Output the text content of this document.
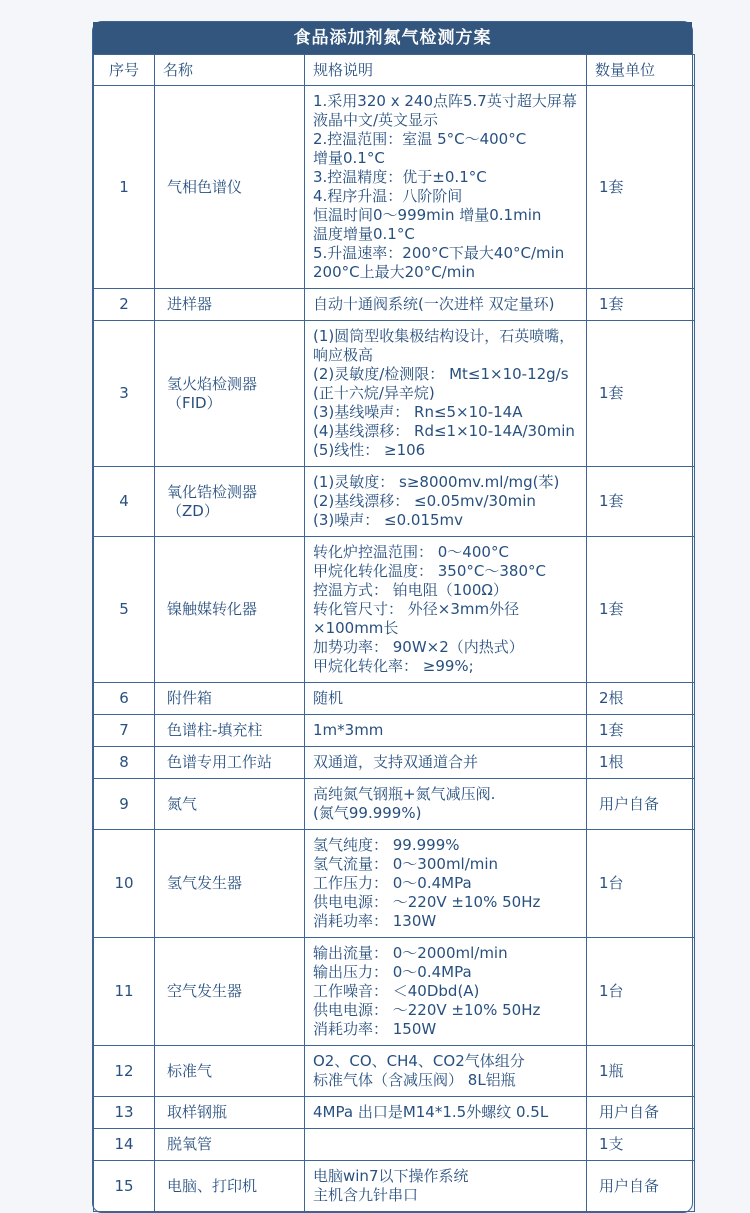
食品添加剂氮气检测方案
序号	名称	规格说明	数量单位
1	气相色谱仪	
1.采用320 x 240点阵5.7英寸超大屏幕
液晶中文/英文显示
2.控温范围：室温 5°C～400°C
增量0.1°C
3.控温精度：优于±0.1°C
4.程序升温：八阶阶间
恒温时间0～999min 增量0.1min
温度增量0.1°C
5.升温速率：200°C下最大40°C/min
200°C上最大20°C/min
	1套
2	进样器	自动十通阀系统(一次进样 双定量环)	1套
3	氢火焰检测器（FID）	
(1)圆筒型收集极结构设计，石英喷嘴，
响应极高
(2)灵敏度/检测限： Mt≤1×10-12g/s
(正十六烷/异辛烷)
(3)基线噪声： Rn≤5×10-14A
(4)基线漂移： Rd≤1×10-14A/30min
(5)线性： ≥106
	1套
4	氧化锆检测器（ZD）	(1)灵敏度： s≥8000mv.ml/mg(苯)
(2)基线漂移： ≤0.05mv/30min
(3)噪声： ≤0.015mv	1套
5	镍触媒转化器	
转化炉控温范围： 0～400°C
甲烷化转化温度： 350°C～380°C
控温方式： 铂电阻（100Ω）
转化管尺寸： 外径×3mm外径×100mm长
加势功率： 90W×2（内热式）
甲烷化转化率： ≥99%;
	1套
6	附件箱	随机	2根
7	色谱柱-填充柱	1m*3mm	1套
8	色谱专用工作站	双通道，支持双通道合并	1根
9	氮气	高纯氮气钢瓶+氮气减压阀.
(氮气99.999%)	用户自备
10	氢气发生器	氢气纯度： 99.999%
氢气流量： 0～300ml/min
工作压力： 0～0.4MPa
供电电源： ～220V ±10% 50Hz
消耗功率： 130W	1台
11	空气发生器	输出流量： 0～2000ml/min
输出压力： 0～0.4MPa
工作噪音： ＜40Dbd(A)
供电电源： ～220V ±10% 50Hz
消耗功率： 150W	1台
12	标准气	O2、CO、CH4、CO2气体组分
标准气体（含减压阀） 8L铝瓶	1瓶
13	取样钢瓶	4MPa 出口是M14*1.5外螺纹 0.5L	用户自备
14	脱氧管		1支
15	电脑、打印机	电脑win7以下操作系统
主机含九针串口	用户自备
